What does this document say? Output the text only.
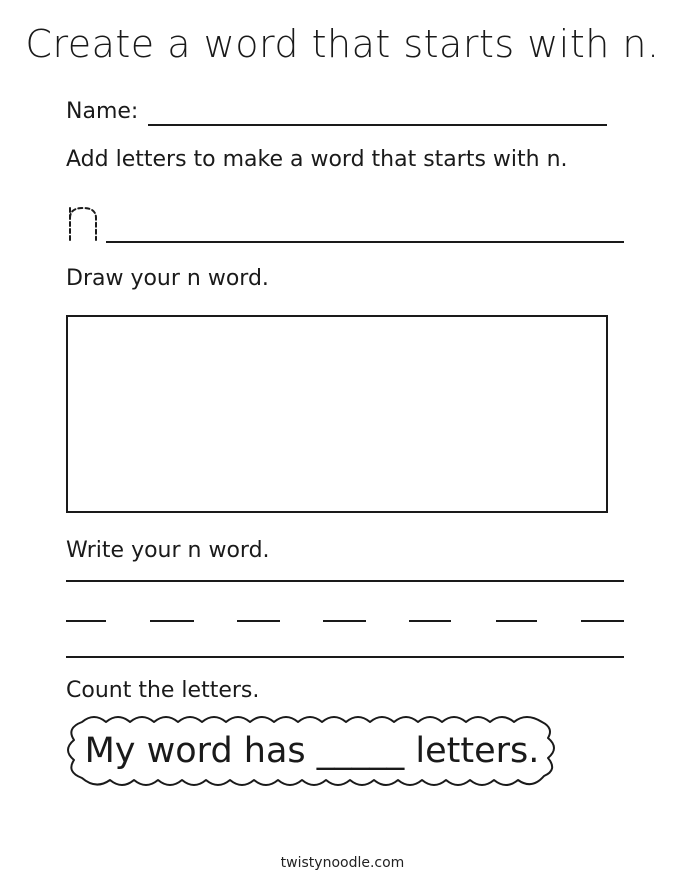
Create a word that starts with n.
Name:
Add letters to make a word that starts with n.
n
Draw your n word.
Write your n word.
Count the letters.
My word has _____ letters.
twistynoodle.com
